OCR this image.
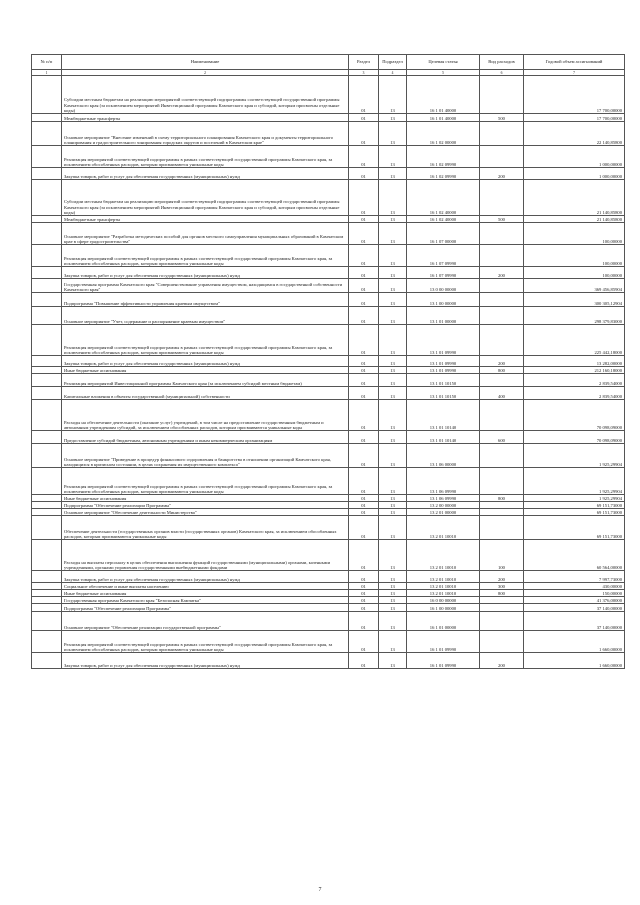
№ п/п	Наименование	Раздел	Подраздел	Целевая статья	Вид расходов	Годовой объем ассигнований
1	2	3	4	5	6	7
	Субсидии местным бюджетам на реализацию мероприятий соответствующей подпрограммы соответствующей государственной программы Камчатского края (за исключением мероприятий Инвестиционной программы Камчатского края и субсидий, которым присвоены отдельные коды)	01	13	16 1 01 40000		17 700,00000
	Межбюджетные трансферты	01	13	16 1 01 40000	500	17 700,00000
	Основное мероприятие "Внесение изменений в схему территориального планирования Камчатского края и документы территориального планирования и градостроительного зонирования городских округов и поселений в Камчатском крае"	01	13	16 1 02 00000		22 140,85800
	Реализация мероприятий соответствующей подпрограммы в рамках соответствующей государственной программы Камчатского края, за исключением обособленных расходов, которым присваиваются уникальные коды	01	13	16 1 02 09990		1 000,00000
	Закупка товаров, работ и услуг для обеспечения государственных (муниципальных) нужд	01	13	16 1 02 09990	200	1 000,00000
	Субсидии местным бюджетам на реализацию мероприятий соответствующей подпрограммы соответствующей государственной программы Камчатского края (за исключением мероприятий Инвестиционной программы Камчатского края и субсидий, которым присвоены отдельные коды)	01	13	16 1 02 40000		21 140,85800
	Межбюджетные трансферты	01	13	16 1 02 40000	500	21 140,85800
	Основное мероприятие "Разработка методических пособий для органов местного самоуправления муниципальных образований в Камчатском крае в сфере градостроительства"	01	13	16 1 07 00000		100,00000
	Реализация мероприятий соответствующей подпрограммы в рамках соответствующей государственной программы Камчатского края, за исключением обособленных расходов, которым присваиваются уникальные коды	01	13	16 1 07 09990		100,00000
	Закупка товаров, работ и услуг для обеспечения государственных (муниципальных) нужд	01	13	16 1 07 09990	200	100,00000
	Государственная программа Камчатского края "Совершенствование управления имуществом, находящимся в государственной собственности Камчатского края"	01	13	13 0 00 00000		369 456,85904
	Подпрограмма "Повышение эффективности управления краевым имуществом"	01	13	13 1 00 00000		300 305,12904
	Основное мероприятие "Учет, содержание и распоряжение краевым имуществом"	01	13	13 1 01 00000		298 379,83000
	Реализация мероприятий соответствующей подпрограммы в рамках соответствующей государственной программы Камчатского края, за исключением обособленных расходов, которым присваиваются уникальные коды	01	13	13 1 01 09990		225 442,18000
	Закупка товаров, работ и услуг для обеспечения государственных (муниципальных) нужд	01	13	13 1 01 09990	200	13 282,00000
	Иные бюджетные ассигнования	01	13	13 1 01 09990	800	212 160,18000
	Реализация мероприятий Инвестиционной программы Камчатского края (за исключением субсидий местным бюджетам)	01	13	13 1 01 10150		2 839,54000
	Капитальные вложения в объекты государственной (муниципальной) собственности	01	13	13 1 01 10150	400	2 839,54000
	Расходы на обеспечение деятельности (оказание услуг) учреждений, в том числе на предоставление государственным бюджетным и автономным учреждениям субсидий, за исключением обособленных расходов, которым присваиваются уникальные коды	01	13	13 1 01 10140		70 098,09000
	Предоставление субсидий бюджетным, автономным учреждениям и иным некоммерческим организациям	01	13	13 1 01 10140	600	70 098,09000
	Основное мероприятие "Приведение в процедур финансового оздоровления и банкротства в отношении организаций Камчатского края, находящихся в кризисном состоянии, в целях сохранения их имущественного комплекса"	01	13	13 1 06 00000		1 925,29904
	Реализация мероприятий соответствующей подпрограммы в рамках соответствующей государственной программы Камчатского края, за исключением обособленных расходов, которым присваиваются уникальные коды	01	13	13 1 06 09990		1 925,29904
	Иные бюджетные ассигнования	01	13	13 1 06 09990	800	1 925,29904
	Подпрограмма "Обеспечение реализации Программы"	01	13	13 2 00 00000		69 151,73000
	Основное мероприятие "Обеспечение деятельности Министерства"	01	13	13 2 01 00000		69 151,73000
	Обеспечение деятельности (государственных органов власти (государственных органов) Камчатского края, за исключением обособленных расходов, которым присваиваются уникальные коды	01	13	13 2 01 10010		69 151,73000
	Расходы на выплаты персоналу в целях обеспечения выполнения функций государственными (муниципальными) органами, казенными учреждениями, органами управления государственными внебюджетными фондами	01	13	13 2 01 10010	100	60 564,00000
	Закупка товаров, работ и услуг для обеспечения государственных (муниципальных) нужд	01	13	13 2 01 10010	200	7 997,73000
	Социальное обеспечение и иные выплаты населению	01	13	13 2 01 10010	300	430,00000
	Иные бюджетные ассигнования	01	13	13 2 01 10010	800	150,00000
	Государственная программа Камчатского края "Безопасная Камчатка"	01	13	16 0 00 00000		41 376,00000
	Подпрограмма "Обеспечение реализации Программы"	01	13	16 1 00 00000		37 140,00000
	Основное мероприятие "Обеспечение реализации государственной программы"	01	13	16 1 01 00000		37 140,00000
	Реализация мероприятий соответствующей подпрограммы в рамках соответствующей государственной программы Камчатского края, за исключением обособленных расходов, которым присваиваются уникальные коды	01	13	16 1 01 09990		1 660,00000
	Закупка товаров, работ и услуг для обеспечения государственных (муниципальных) нужд	01	13	16 1 01 09990	200	1 660,00000
7
